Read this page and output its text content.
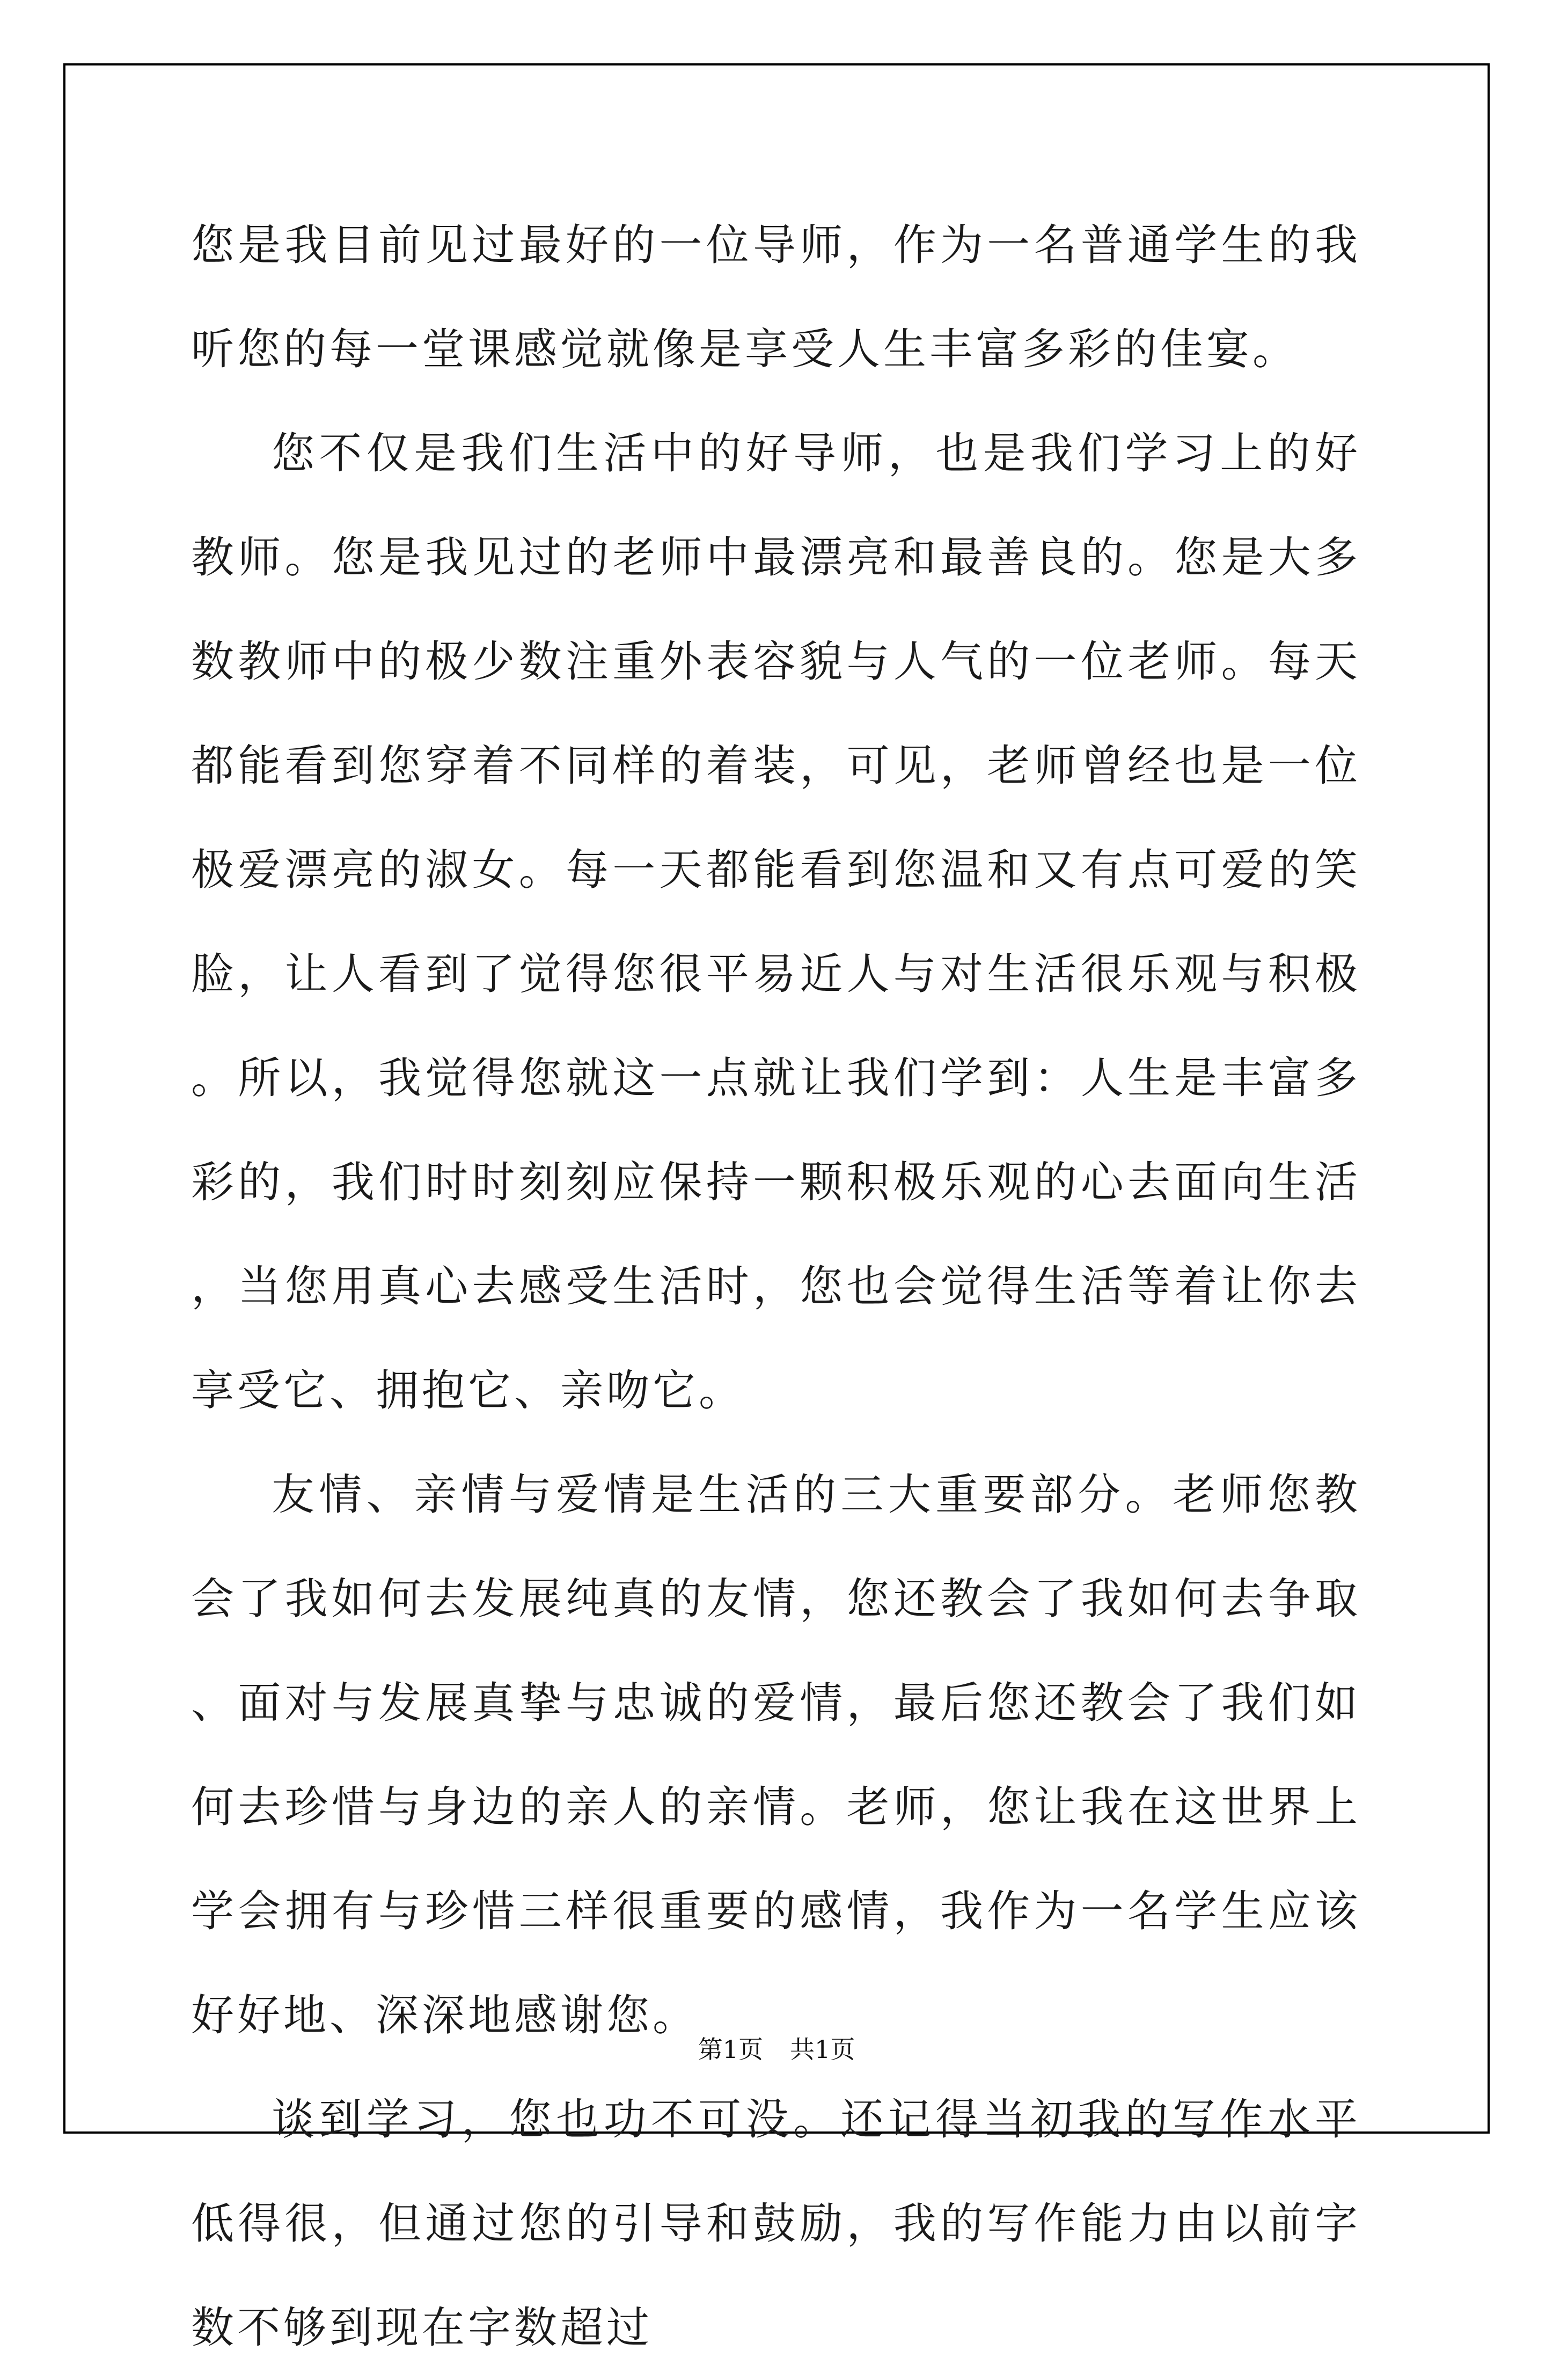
您是我目前见过最好的一位导师，作为一名普通学生的我听您的每一堂课感觉就像是享受人生丰富多彩的佳宴。

您不仅是我们生活中的好导师，也是我们学习上的好教师。您是我见过的老师中最漂亮和最善良的。您是大多数教师中的极少数注重外表容貌与人气的一位老师。每天都能看到您穿着不同样的着装，可见，老师曾经也是一位极爱漂亮的淑女。每一天都能看到您温和又有点可爱的笑脸，让人看到了觉得您很平易近人与对生活很乐观与积极。所以，我觉得您就这一点就让我们学到：人生是丰富多彩的，我们时时刻刻应保持一颗积极乐观的心去面向生活，当您用真心去感受生活时，您也会觉得生活等着让你去享受它、拥抱它、亲吻它。

友情、亲情与爱情是生活的三大重要部分。老师您教会了我如何去发展纯真的友情，您还教会了我如何去争取、面对与发展真挚与忠诚的爱情，最后您还教会了我们如何去珍惜与身边的亲人的亲情。老师，您让我在这世界上学会拥有与珍惜三样很重要的感情，我作为一名学生应该好好地、深深地感谢您。

谈到学习，您也功不可没。还记得当初我的写作水平低得很，但通过您的引导和鼓励，我的写作能力由以前字数不够到现在字数超过

第1页 共1页
